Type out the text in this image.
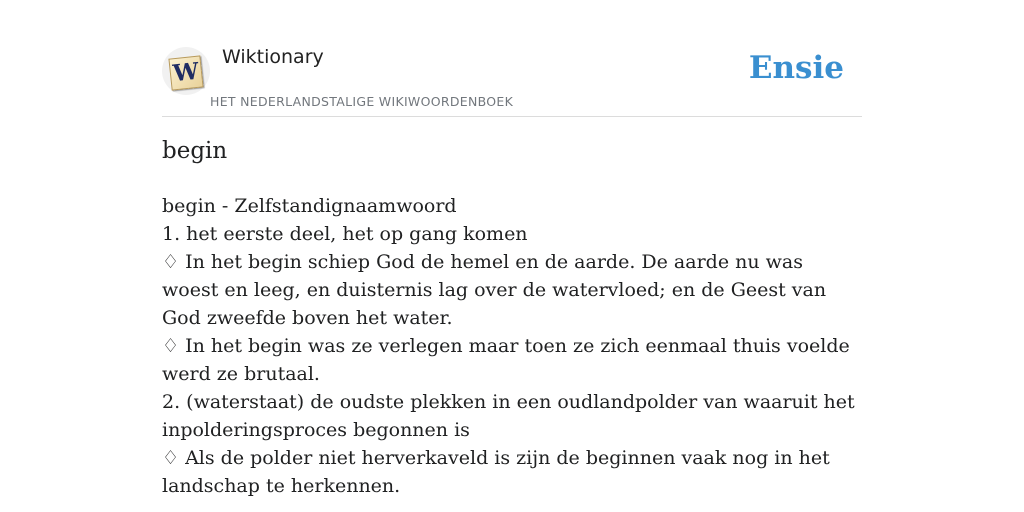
W
Wiktionary
HET NEDERLANDSTALIGE WIKIWOORDENBOEK
Ensie
begin

begin - Zelfstandignaamwoord

1. het eerste deel, het op gang komen

♢ In het begin schiep God de hemel en de aarde. De aarde nu was woest en leeg, en duisternis lag over de watervloed; en de Geest van God zweefde boven het water.

♢ In het begin was ze verlegen maar toen ze zich eenmaal thuis voelde werd ze brutaal.

2. (waterstaat) de oudste plekken in een oudlandpolder van waaruit het inpolderingsproces begonnen is

♢ Als de polder niet herverkaveld is zijn de beginnen vaak nog in het landschap te herkennen.
